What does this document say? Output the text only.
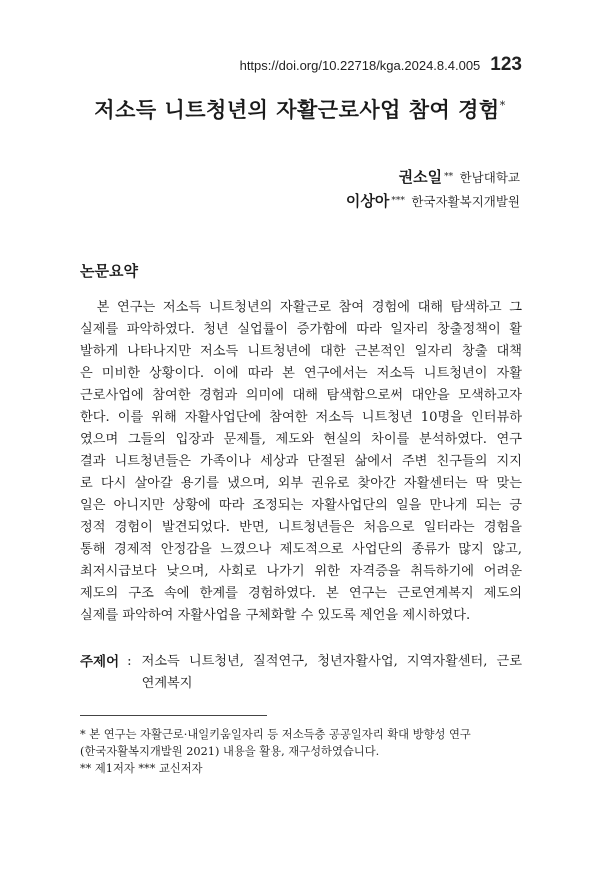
https://doi.org/10.22718/kga.2024.8.4.005 123
저소득 니트청년의 자활근로사업 참여 경험*
권소일 ** 한남대학교
이상아 *** 한국자활복지개발원
논문요약
　본 연구는 저소득 니트청년의 자활근로 참여 경험에 대해 탐색하고 그
실제를 파악하였다. 청년 실업률이 증가함에 따라 일자리 창출정책이 활
발하게 나타나지만 저소득 니트청년에 대한 근본적인 일자리 창출 대책
은 미비한 상황이다. 이에 따라 본 연구에서는 저소득 니트청년이 자활
근로사업에 참여한 경험과 의미에 대해 탐색함으로써 대안을 모색하고자
한다. 이를 위해 자활사업단에 참여한 저소득 니트청년 10명을 인터뷰하
였으며 그들의 입장과 문제틀, 제도와 현실의 차이를 분석하였다. 연구
결과 니트청년들은 가족이나 세상과 단절된 삶에서 주변 친구들의 지지
로 다시 살아갈 용기를 냈으며, 외부 권유로 찾아간 자활센터는 딱 맞는
일은 아니지만 상황에 따라 조정되는 자활사업단의 일을 만나게 되는 긍
정적 경험이 발견되었다. 반면, 니트청년들은 처음으로 일터라는 경험을
통해 경제적 안정감을 느꼈으나 제도적으로 사업단의 종류가 많지 않고,
최저시급보다 낮으며, 사회로 나가기 위한 자격증을 취득하기에 어려운
제도의 구조 속에 한계를 경험하였다. 본 연구는 근로연계복지 제도의
실제를 파악하여 자활사업을 구체화할 수 있도록 제언을 제시하였다.
주제어 : 저소득 니트청년, 질적연구, 청년자활사업, 지역자활센터, 근로
연계복지
* 본 연구는 자활근로·내일키움일자리 등 저소득층 공공일자리 확대 방향성 연구
(한국자활복지개발원 2021) 내용을 활용, 재구성하였습니다.
** 제1저자 *** 교신저자
